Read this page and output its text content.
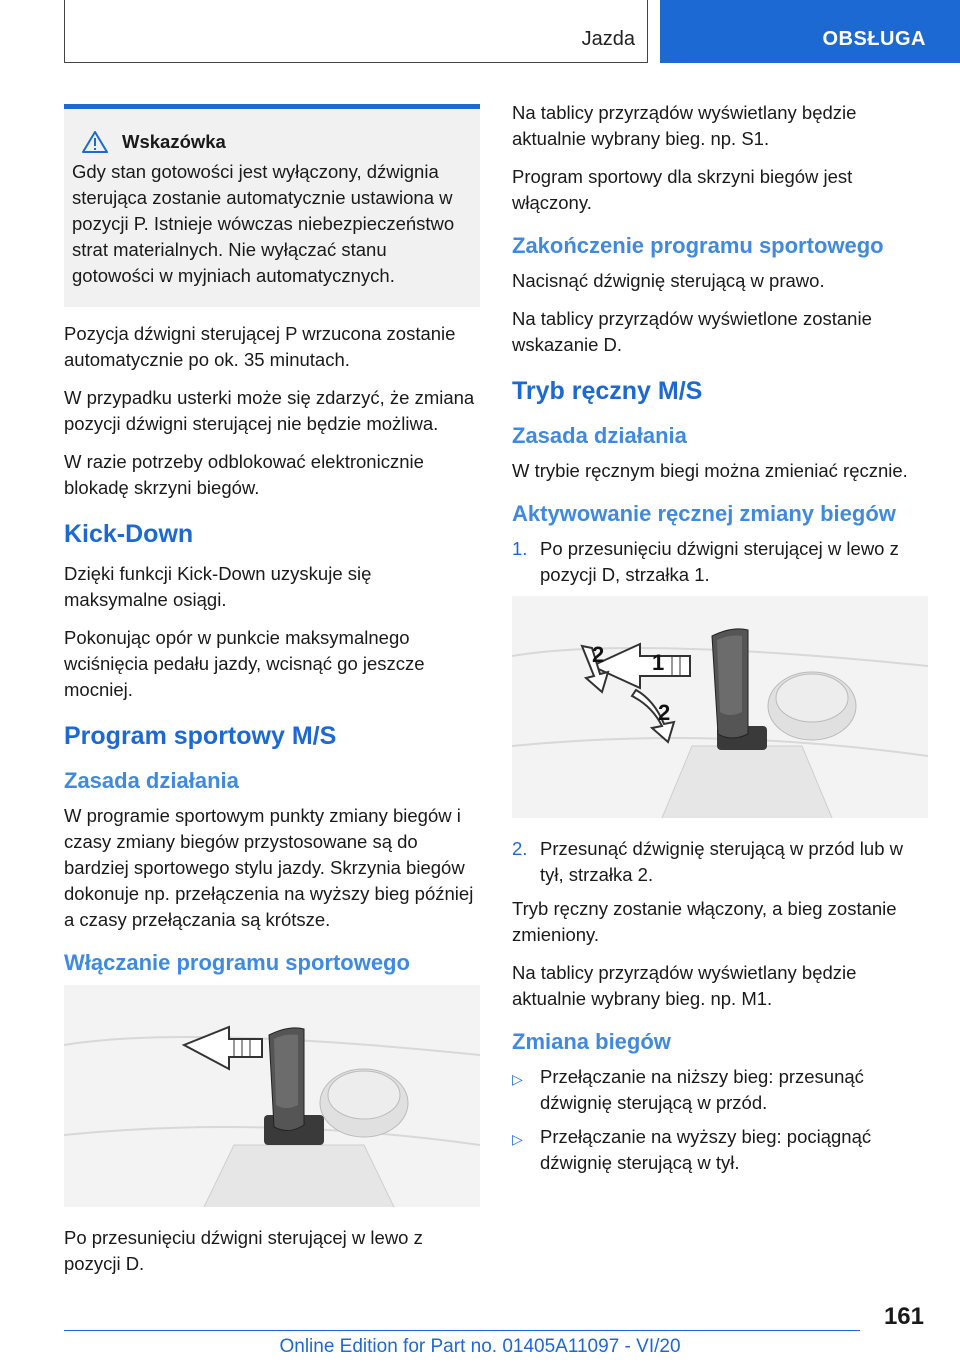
Jazda	OBSŁUGA
Wskazówka

Gdy stan gotowości jest wyłączony, dźwignia sterująca zostanie automatycznie ustawiona w pozycji P. Istnieje wówczas niebezpieczeństwo strat materialnych. Nie wyłączać stanu gotowości w myjniach automatycznych.

Pozycja dźwigni sterującej P wrzucona zostanie automatycznie po ok. 35 minutach.

W przypadku usterki może się zdarzyć, że zmiana pozycji dźwigni sterującej nie będzie możliwa.

W razie potrzeby odblokować elektronicznie blokadę skrzyni biegów.

Kick-Down

Dzięki funkcji Kick-Down uzyskuje się maksymalne osiągi.

Pokonując opór w punkcie maksymalnego wciśnięcia pedału jazdy, wcisnąć go jeszcze mocniej.

Program sportowy M/S
Zasada działania

W programie sportowym punkty zmiany biegów i czasy zmiany biegów przystosowane są do bardziej sportowego stylu jazdy. Skrzynia biegów dokonuje np. przełączenia na wyższy bieg później a czasy przełączania są krótsze.

Włączanie programu sportowego

Po przesunięciu dźwigni sterującej w lewo z pozycji D.

Na tablicy przyrządów wyświetlany będzie aktualnie wybrany bieg. np. S1.

Program sportowy dla skrzyni biegów jest włączony.

Zakończenie programu sportowego

Nacisnąć dźwignię sterującą w prawo.

Na tablicy przyrządów wyświetlone zostanie wskazanie D.

Tryb ręczny M/S
Zasada działania

W trybie ręcznym biegi można zmieniać ręcznie.

Aktywowanie ręcznej zmiany biegów
1. Po przesunięciu dźwigni sterującej w lewo z pozycji D, strzałka 1.
1
2
2
2. Przesunąć dźwignię sterującą w przód lub w tył, strzałka 2.

Tryb ręczny zostanie włączony, a bieg zostanie zmieniony.

Na tablicy przyrządów wyświetlany będzie aktualnie wybrany bieg. np. M1.

Zmiana biegów
▷ Przełączanie na niższy bieg: przesunąć dźwignię sterującą w przód.
▷ Przełączanie na wyższy bieg: pociągnąć dźwignię sterującą w tył.
161
Online Edition for Part no. 01405A11097 - VI/20
